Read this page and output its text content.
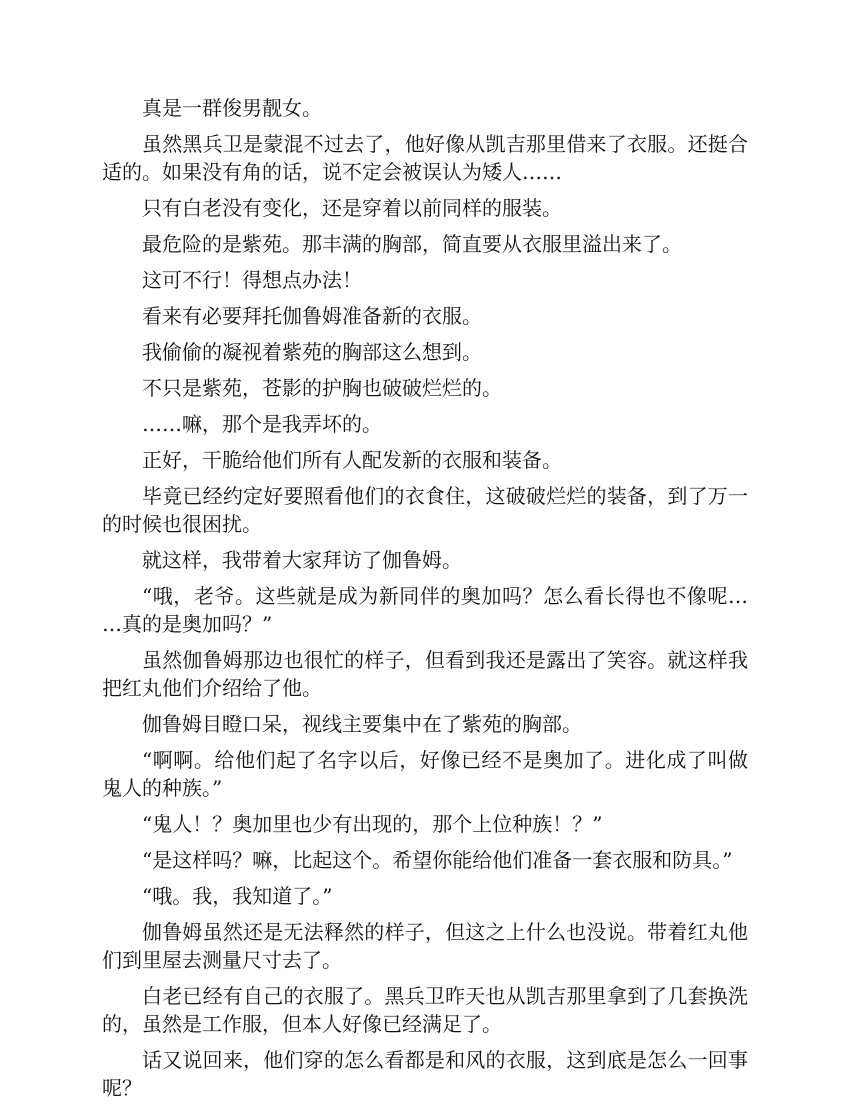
真是一群俊男靓女。

虽然黑兵卫是蒙混不过去了，他好像从凯吉那里借来了衣服。还挺合适的。如果没有角的话，说不定会被误认为矮人……

只有白老没有变化，还是穿着以前同样的服装。

最危险的是紫苑。那丰满的胸部，简直要从衣服里溢出来了。

这可不行！得想点办法！

看来有必要拜托伽鲁姆准备新的衣服。

我偷偷的凝视着紫苑的胸部这么想到。

不只是紫苑，苍影的护胸也破破烂烂的。

……嘛，那个是我弄坏的。

正好，干脆给他们所有人配发新的衣服和装备。

毕竟已经约定好要照看他们的衣食住，这破破烂烂的装备，到了万一的时候也很困扰。

就这样，我带着大家拜访了伽鲁姆。

“哦，老爷。这些就是成为新同伴的奥加吗？怎么看长得也不像呢……真的是奥加吗？”

虽然伽鲁姆那边也很忙的样子，但看到我还是露出了笑容。就这样我把红丸他们介绍给了他。

伽鲁姆目瞪口呆，视线主要集中在了紫苑的胸部。

“啊啊。给他们起了名字以后，好像已经不是奥加了。进化成了叫做鬼人的种族。”

“鬼人！？奥加里也少有出现的，那个上位种族！？”

“是这样吗？嘛，比起这个。希望你能给他们准备一套衣服和防具。”

“哦。我，我知道了。”

伽鲁姆虽然还是无法释然的样子，但这之上什么也没说。带着红丸他们到里屋去测量尺寸去了。

白老已经有自己的衣服了。黑兵卫昨天也从凯吉那里拿到了几套换洗的，虽然是工作服，但本人好像已经满足了。

话又说回来，他们穿的怎么看都是和风的衣服，这到底是怎么一回事呢？
